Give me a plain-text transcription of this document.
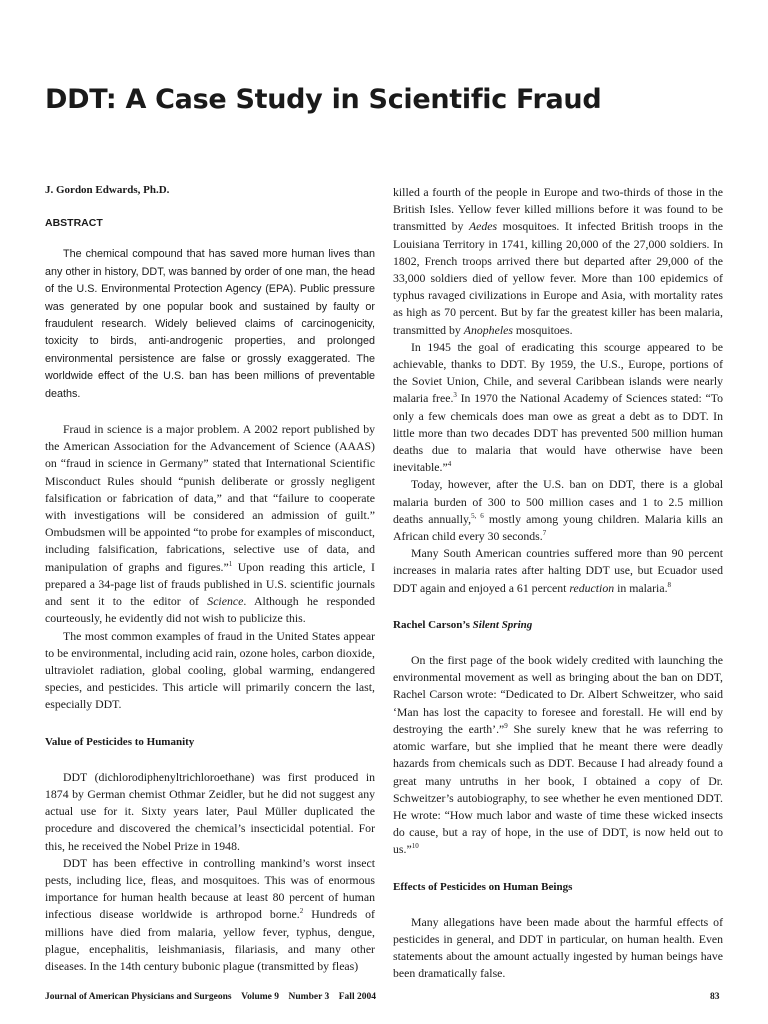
DDT: A Case Study in Scientific Fraud
J. Gordon Edwards, Ph.D.
ABSTRACT

The chemical compound that has saved more human lives than any other in history, DDT, was banned by order of one man, the head of the U.S. Environmental Protection Agency (EPA). Public pressure was generated by one popular book and sustained by faulty or fraudulent research. Widely believed claims of carcinogenicity, toxicity to birds, anti-androgenic properties, and prolonged environmental persistence are false or grossly exaggerated. The worldwide effect of the U.S. ban has been millions of preventable deaths.

Fraud in science is a major problem. A 2002 report published by the American Association for the Advancement of Science (AAAS) on “fraud in science in Germany” stated that International Scientific Misconduct Rules should “punish deliberate or grossly negligent falsification or fabrication of data,” and that “failure to cooperate with investigations will be considered an admission of guilt.” Ombudsmen will be appointed “to probe for examples of misconduct, including falsification, fabrications, selective use of data, and manipulation of graphs and figures.”$^1$ Upon reading this article, I prepared a 34-page list of frauds published in U.S. scientific journals and sent it to the editor of Science. Although he responded courteously, he evidently did not wish to publicize this.

The most common examples of fraud in the United States appear to be environmental, including acid rain, ozone holes, carbon dioxide, ultraviolet radiation, global cooling, global warming, endangered species, and pesticides. This article will primarily concern the last, especially DDT.

Value of Pesticides to Humanity

DDT (dichlorodiphenyltrichloroethane) was first produced in 1874 by German chemist Othmar Zeidler, but he did not suggest any actual use for it. Sixty years later, Paul Müller duplicated the procedure and discovered the chemical’s insecticidal potential. For this, he received the Nobel Prize in 1948.

DDT has been effective in controlling mankind’s worst insect pests, including lice, fleas, and mosquitoes. This was of enormous importance for human health because at least 80 percent of human infectious disease worldwide is arthropod borne.$^2$ Hundreds of millions have died from malaria, yellow fever, typhus, dengue, plague, encephalitis, leishmaniasis, filariasis, and many other diseases. In the 14th century bubonic plague (transmitted by fleas)

killed a fourth of the people in Europe and two-thirds of those in the British Isles. Yellow fever killed millions before it was found to be transmitted by Aedes mosquitoes. It infected British troops in the Louisiana Territory in 1741, killing 20,000 of the 27,000 soldiers. In 1802, French troops arrived there but departed after 29,000 of the 33,000 soldiers died of yellow fever. More than 100 epidemics of typhus ravaged civilizations in Europe and Asia, with mortality rates as high as 70 percent. But by far the greatest killer has been malaria, transmitted by Anopheles mosquitoes.

In 1945 the goal of eradicating this scourge appeared to be achievable, thanks to DDT. By 1959, the U.S., Europe, portions of the Soviet Union, Chile, and several Caribbean islands were nearly malaria free.$^3$ In 1970 the National Academy of Sciences stated: “To only a few chemicals does man owe as great a debt as to DDT. In little more than two decades DDT has prevented 500 million human deaths due to malaria that would have otherwise have been inevitable.”$^4$

Today, however, after the U.S. ban on DDT, there is a global malaria burden of 300 to 500 million cases and 1 to 2.5 million deaths annually,$^{5, 6}$ mostly among young children. Malaria kills an African child every 30 seconds.$^7$

Many South American countries suffered more than 90 percent increases in malaria rates after halting DDT use, but Ecuador used DDT again and enjoyed a 61 percent reduction in malaria.$^8$

Rachel Carson’s Silent Spring

On the first page of the book widely credited with launching the environmental movement as well as bringing about the ban on DDT, Rachel Carson wrote: “Dedicated to Dr. Albert Schweitzer, who said ‘Man has lost the capacity to foresee and forestall. He will end by destroying the earth’.”$^9$ She surely knew that he was referring to atomic warfare, but she implied that he meant there were deadly hazards from chemicals such as DDT. Because I had already found a great many untruths in her book, I obtained a copy of Dr. Schweitzer’s autobiography, to see whether he even mentioned DDT. He wrote: “How much labor and waste of time these wicked insects do cause, but a ray of hope, in the use of DDT, is now held out to us.”$^{10}$

Effects of Pesticides on Human Beings

Many allegations have been made about the harmful effects of pesticides in general, and DDT in particular, on human health. Even statements about the amount actually ingested by human beings have been dramatically false.

Journal of American Physicians and Surgeons Volume 9 Number 3 Fall 2004	83
